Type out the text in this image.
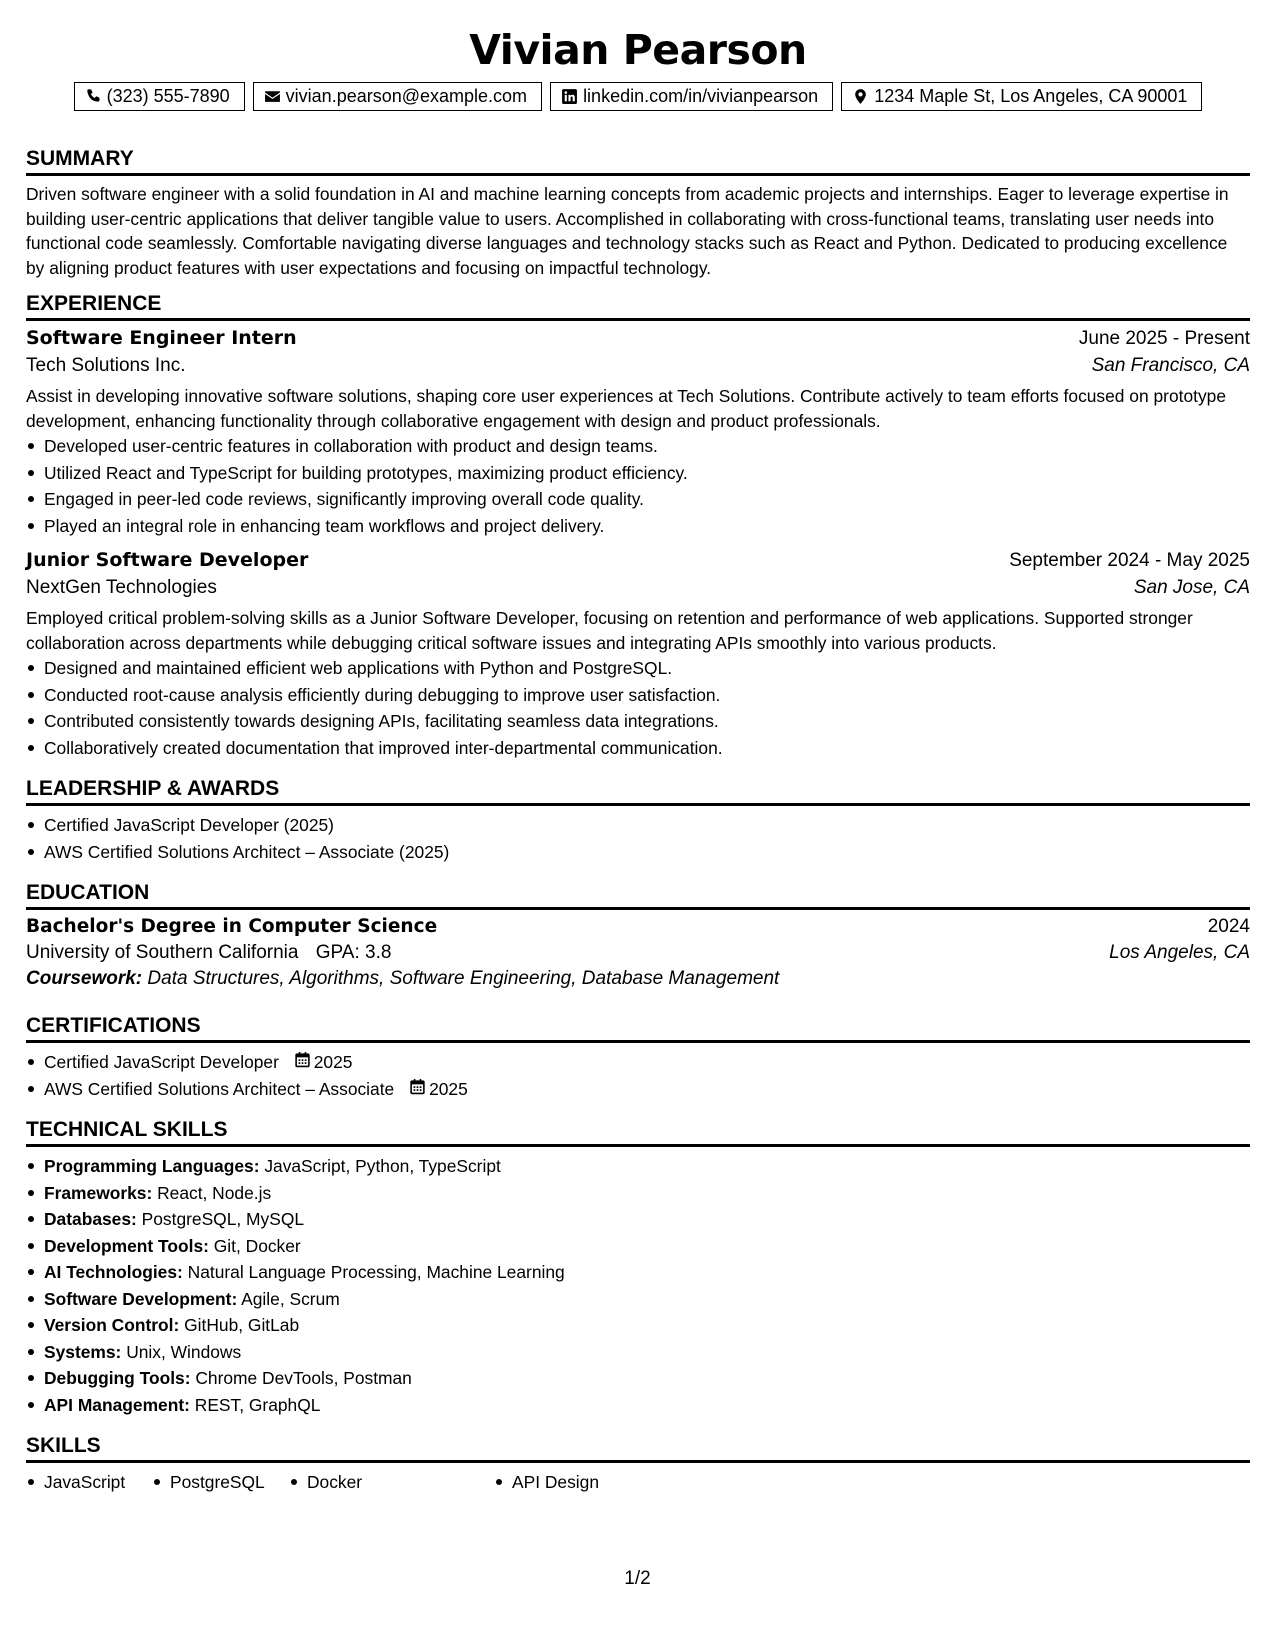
Vivian Pearson
(323) 555-7890	vivian.pearson@example.com	linkedin.com/in/vivianpearson	1234 Maple St, Los Angeles, CA 90001
SUMMARY

Driven software engineer with a solid foundation in AI and machine learning concepts from academic projects and internships. Eager to leverage expertise in building user-centric applications that deliver tangible value to users. Accomplished in collaborating with cross-functional teams, translating user needs into functional code seamlessly. Comfortable navigating diverse languages and technology stacks such as React and Python. Dedicated to producing excellence by aligning product features with user expectations and focusing on impactful technology.

EXPERIENCE
Software Engineer Intern	June 2025 - Present
Tech Solutions Inc.	San Francisco, CA

Assist in developing innovative software solutions, shaping core user experiences at Tech Solutions. Contribute actively to team efforts focused on prototype development, enhancing functionality through collaborative engagement with design and product professionals.

Developed user-centric features in collaboration with product and design teams.
Utilized React and TypeScript for building prototypes, maximizing product efficiency.
Engaged in peer-led code reviews, significantly improving overall code quality.
Played an integral role in enhancing team workflows and project delivery.
Junior Software Developer	September 2024 - May 2025
NextGen Technologies	San Jose, CA

Employed critical problem-solving skills as a Junior Software Developer, focusing on retention and performance of web applications. Supported stronger collaboration across departments while debugging critical software issues and integrating APIs smoothly into various products.

Designed and maintained efficient web applications with Python and PostgreSQL.
Conducted root-cause analysis efficiently during debugging to improve user satisfaction.
Contributed consistently towards designing APIs, facilitating seamless data integrations.
Collaboratively created documentation that improved inter-departmental communication.
LEADERSHIP & AWARDS
Certified JavaScript Developer (2025)
AWS Certified Solutions Architect – Associate (2025)
EDUCATION
Bachelor's Degree in Computer Science	2024
University of Southern California GPA: 3.8	Los Angeles, CA
Coursework: Data Structures, Algorithms, Software Engineering, Database Management
CERTIFICATIONS
Certified JavaScript Developer 2025
AWS Certified Solutions Architect – Associate 2025
TECHNICAL SKILLS
Programming Languages: JavaScript, Python, TypeScript
Frameworks: React, Node.js
Databases: PostgreSQL, MySQL
Development Tools: Git, Docker
AI Technologies: Natural Language Processing, Machine Learning
Software Development: Agile, Scrum
Version Control: GitHub, GitLab
Systems: Unix, Windows
Debugging Tools: Chrome DevTools, Postman
API Management: REST, GraphQL
SKILLS
JavaScript	PostgreSQL	Docker	API Design
1/2
